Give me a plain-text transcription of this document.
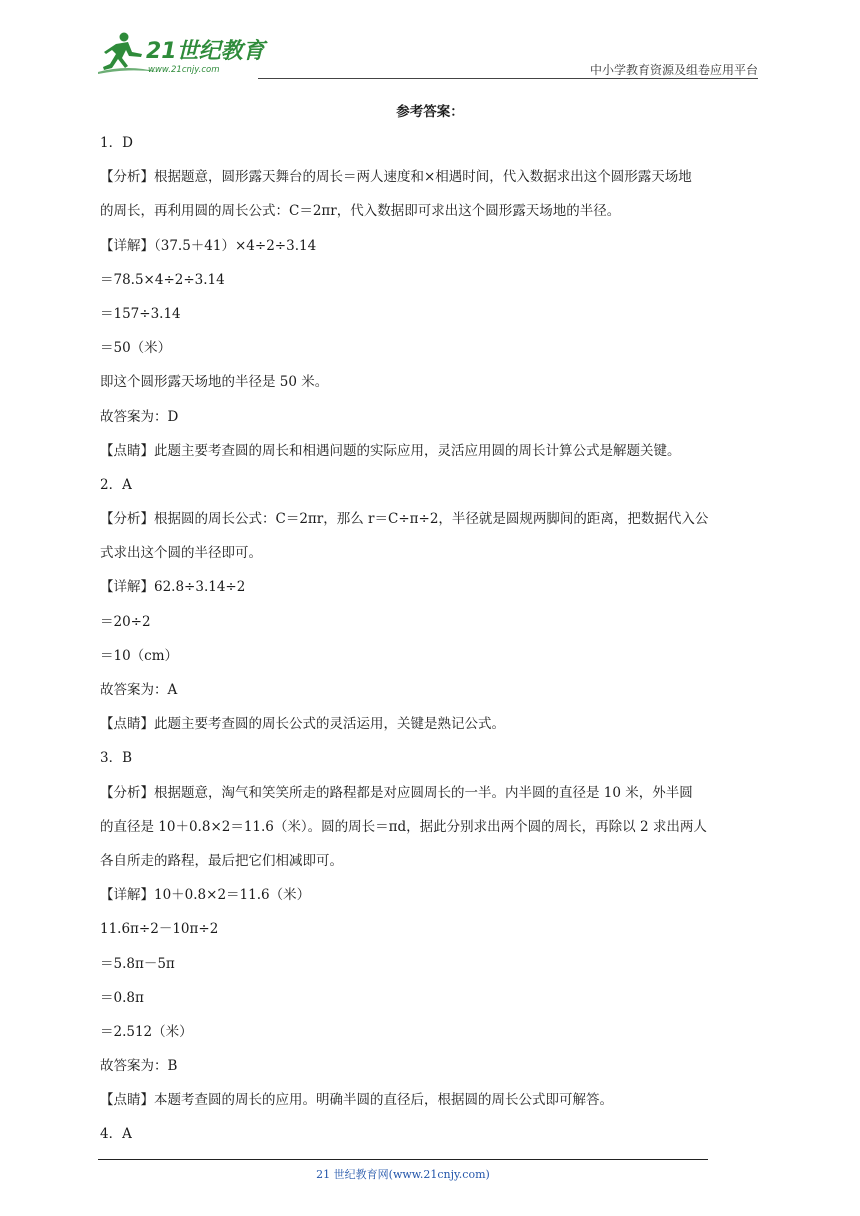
21世纪教育
www.21cnjy.com	中小学教育资源及组卷应用平台
参考答案：
1．D
【分析】根据题意，圆形露天舞台的周长＝两人速度和×相遇时间，代入数据求出这个圆形露天场地
的周长，再利用圆的周长公式：C＝2πr，代入数据即可求出这个圆形露天场地的半径。
【详解】（37.5＋41）×4÷2÷3.14
＝78.5×4÷2÷3.14
＝157÷3.14
＝50（米）
即这个圆形露天场地的半径是 50 米。
故答案为：D
【点睛】此题主要考查圆的周长和相遇问题的实际应用，灵活应用圆的周长计算公式是解题关键。
2．A
【分析】根据圆的周长公式：C＝2πr，那么 r＝C÷π÷2，半径就是圆规两脚间的距离，把数据代入公
式求出这个圆的半径即可。
【详解】62.8÷3.14÷2
＝20÷2
＝10（cm）
故答案为：A
【点睛】此题主要考查圆的周长公式的灵活运用，关键是熟记公式。
3．B
【分析】根据题意，淘气和笑笑所走的路程都是对应圆周长的一半。内半圆的直径是 10 米，外半圆
的直径是 10＋0.8×2＝11.6（米）。圆的周长＝πd，据此分别求出两个圆的周长，再除以 2 求出两人
各自所走的路程，最后把它们相减即可。
【详解】10＋0.8×2＝11.6（米）
11.6π÷2－10π÷2
＝5.8π－5π
＝0.8π
＝2.512（米）
故答案为：B
【点睛】本题考查圆的周长的应用。明确半圆的直径后，根据圆的周长公式即可解答。
4．A
21 世纪教育网(www.21cnjy.com)
